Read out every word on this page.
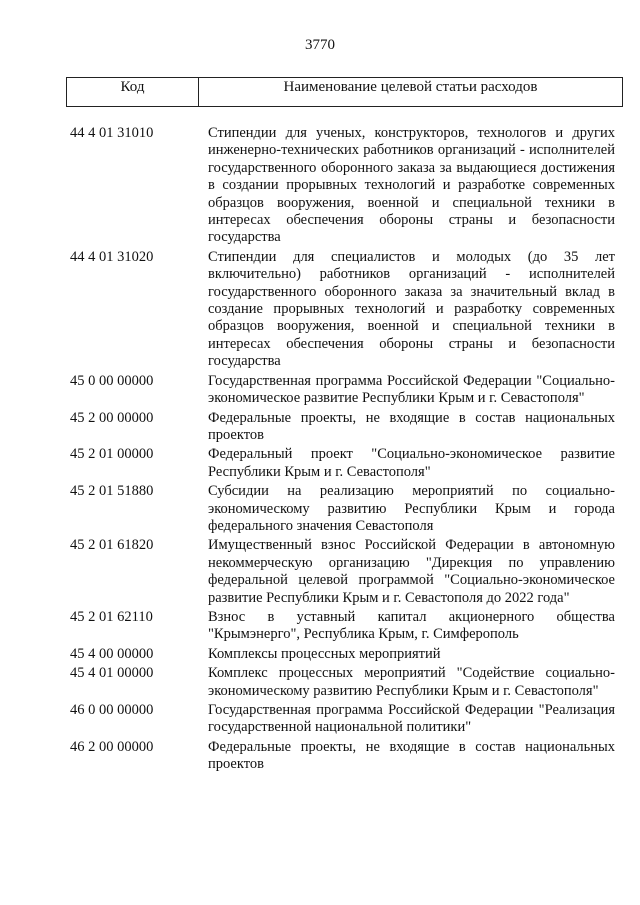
3770
Код	Наименование целевой статьи расходов
44 4 01 31010	Стипендии для ученых, конструкторов, технологов и других инженерно-технических работников организаций - исполнителей государственного оборонного заказа за выдающиеся достижения в создании прорывных технологий и разработке современных образцов вооружения, военной и специальной техники в интересах обеспечения обороны страны и безопасности государства
44 4 01 31020	Стипендии для специалистов и молодых (до 35 лет включительно) работников организаций - исполнителей государственного оборонного заказа за значительный вклад в создание прорывных технологий и разработку современных образцов вооружения, военной и специальной техники в интересах обеспечения обороны страны и безопасности государства
45 0 00 00000	Государственная программа Российской Федерации "Социально-экономическое развитие Республики Крым и г. Севастополя"
45 2 00 00000	Федеральные проекты, не входящие в состав национальных проектов
45 2 01 00000	Федеральный проект "Социально-экономическое развитие Республики Крым и г. Севастополя"
45 2 01 51880	Субсидии на реализацию мероприятий по социально-экономическому развитию Республики Крым и города федерального значения Севастополя
45 2 01 61820	Имущественный взнос Российской Федерации в автономную некоммерческую организацию "Дирекция по управлению федеральной целевой программой "Социально-экономическое развитие Республики Крым и г. Севастополя до 2022 года"
45 2 01 62110	Взнос в уставный капитал акционерного общества "Крымэнерго", Республика Крым, г. Симферополь
45 4 00 00000	Комплексы процессных мероприятий
45 4 01 00000	Комплекс процессных мероприятий "Содействие социально-экономическому развитию Республики Крым и г. Севастополя"
46 0 00 00000	Государственная программа Российской Федерации "Реализация государственной национальной политики"
46 2 00 00000	Федеральные проекты, не входящие в состав национальных проектов
